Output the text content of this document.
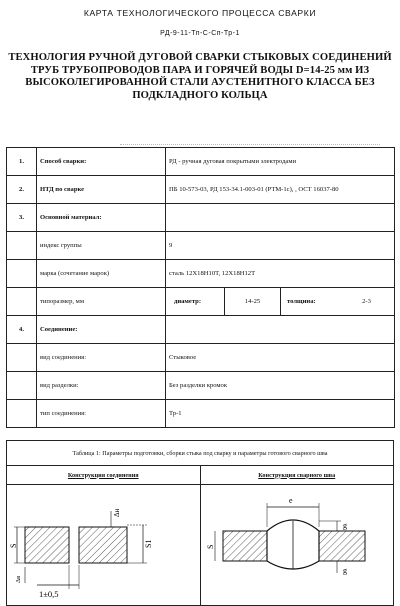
КАРТА ТЕХНОЛОГИЧЕСКОГО ПРОЦЕССА СВАРКИ
РД-9-11-Тп-С-Сп-Тр-1
ТЕХНОЛОГИЯ РУЧНОЙ ДУГОВОЙ СВАРКИ СТЫКОВЫХ СОЕДИНЕНИЙ ТРУБ ТРУБОПРОВОДОВ ПАРА И ГОРЯЧЕЙ ВОДЫ D=14-25 мм ИЗ ВЫСОКОЛЕГИРОВАННОЙ СТАЛИ АУСТЕНИТНОГО КЛАССА БЕЗ ПОДКЛАДНОГО КОЛЬЦА
1.	Способ сварки:	РД - ручная дуговая покрытыми электродами
2.	НТД по сварке	ПБ 10-573-03, РД 153-34.1-003-01 (РТМ-1с), , ОСТ 16037-80
3.	Основной материал:	
	индекс группы	9
	марка (сочетание марок)	сталь 12Х18Н10Т, 12Х18Н12Т
	типоразмер, мм	диаметр: 14-25 толщина: 2-3

4.	Соединение:	
	вид соединения:	Стыковое
	вид разделки:	Без разделки кромок
	тип соединения:	Тр-1
Таблица 1: Параметры подготовки, сборки стыка под сварку и параметры готового сварного шва	
Конструкция соединения	Конструкция сварного шва

S S1
Δн
Δв
1±0,5	e
g
S
g
